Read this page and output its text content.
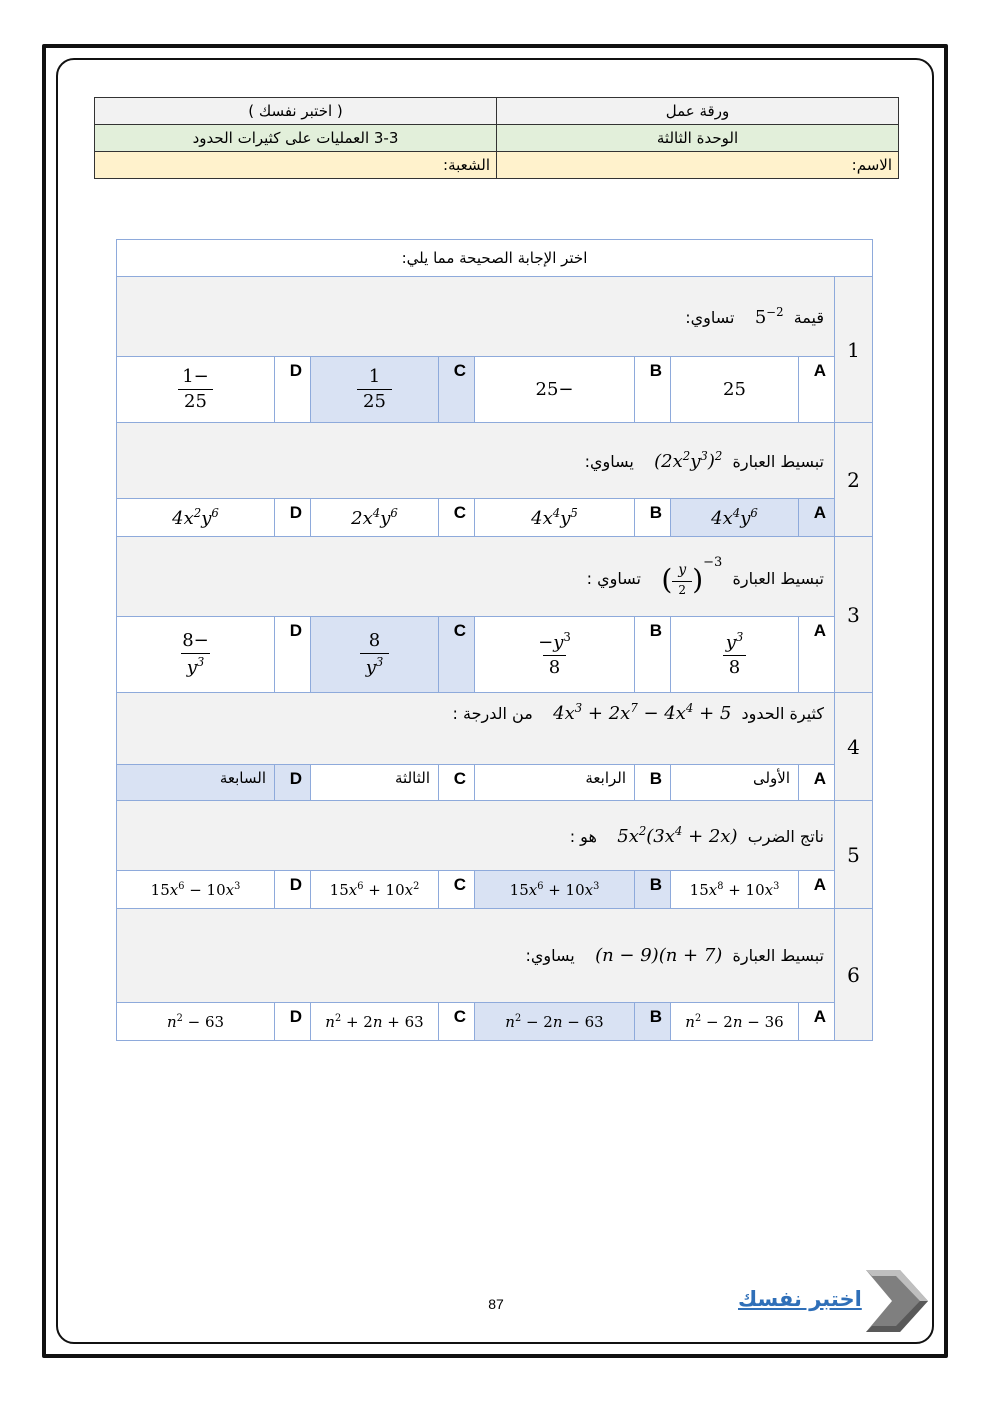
ورقة عمل	( اختبر نفسك )
الوحدة الثالثة	3-3 العمليات على كثيرات الحدود
الاسم:	الشعبة:
اختر الإجابة الصحيحة مما يلي:								
1	قيمة  $5^{-2}$    تساوي:							
	A	25	B	−25	C	$\frac{1}{25}$	D	$\frac{-1}{25}$

2	تبسيط العبارة  $(2x^2y^3)^2$    يساوي:							
	A	$4x^4y^6$	B	$4x^4y^5$	C	$2x^4y^6$	D	$4x^2y^6$
3	تبسيط العبارة  ( $\frac{y}{2} )^{-3}$    تساوي :							
	A	$\frac{y^3}{8}$	B	$\frac{-y^3}{8}$	C	$\frac{8}{y^3}$	D	$\frac{-8}{y^3}$

4	كثيرة الحدود  $4x^3 + 2x^7 - 4x^4 + 5$    من الدرجة :							
	A	الأولى	B	الرابعة	C	الثالثة	D	السابعة
5	ناتج الضرب  $5x^2(3x^4 + 2x)$    هو :							
	A	$15x^8 + 10x^3$	B	$15x^6 + 10x^3$	C	$15x^6 + 10x^2$	D	$15x^6 - 10x^3$
6	تبسيط العبارة  (n − 9)(n + 7)    يساوي:							
	A	$n^2 - 2n - 36$	B	$n^2 - 2n - 63$	C	$n^2 + 2n + 63$	D	$n^2 - 63$
87	اختبر نفسك
